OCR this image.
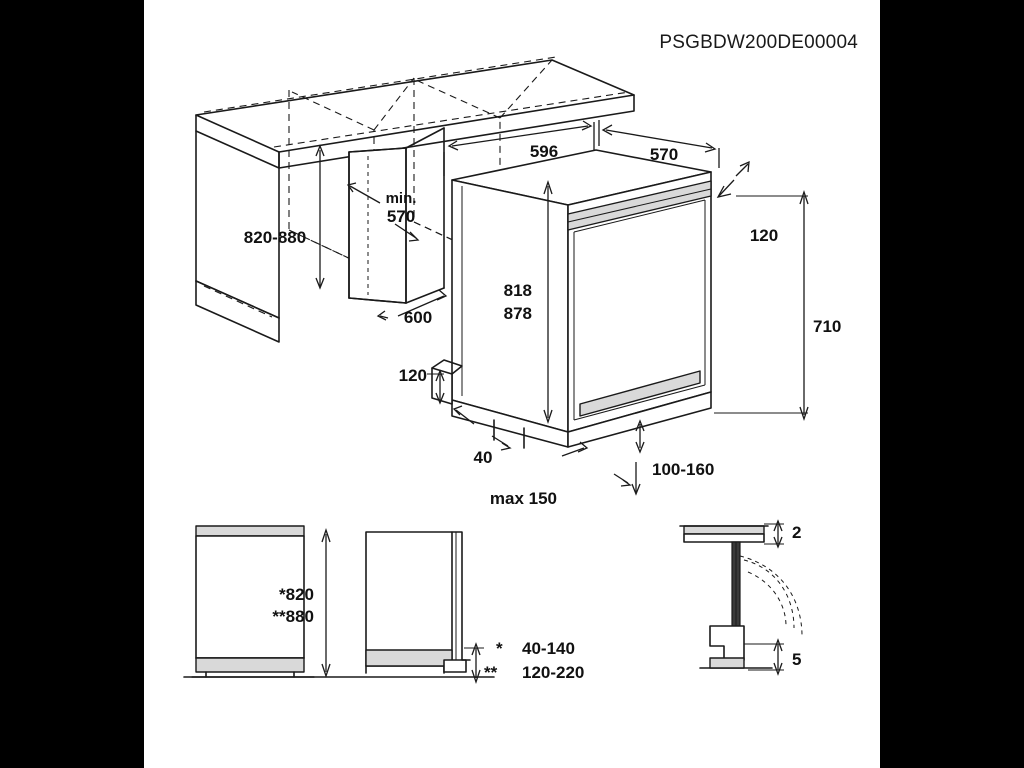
PSGBDW200DE00004
820-880
min.
570
600
596	570
120
818
878
710
120
40
max 150
100-160
*820
**880
* 40-140
** 120-220
2
5
